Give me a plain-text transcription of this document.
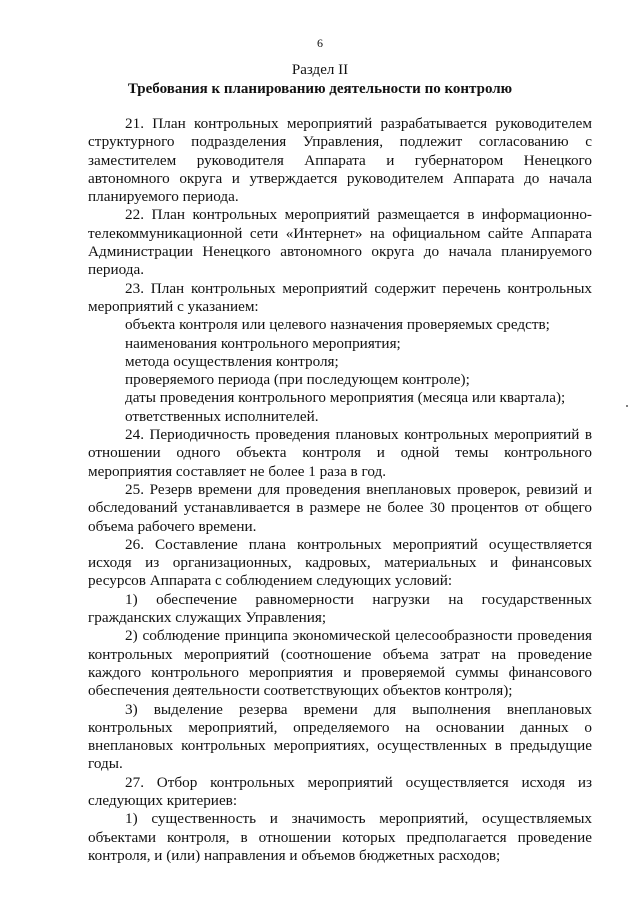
6
Раздел II
Требования к планированию деятельности по контролю

21. План контрольных мероприятий разрабатывается руководителем структурного подразделения Управления, подлежит согласованию с заместителем руководителя Аппарата и губернатором Ненецкого автономного округа и утверждается руководителем Аппарата до начала планируемого периода.

22. План контрольных мероприятий размещается в информационно-телекоммуникационной сети «Интернет» на официальном сайте Аппарата Администрации Ненецкого автономного округа до начала планируемого периода.

23. План контрольных мероприятий содержит перечень контрольных мероприятий с указанием:

объекта контроля или целевого назначения проверяемых средств;

наименования контрольного мероприятия;

метода осуществления контроля;

проверяемого периода (при последующем контроле);

даты проведения контрольного мероприятия (месяца или квартала);

ответственных исполнителей.

24. Периодичность проведения плановых контрольных мероприятий в отношении одного объекта контроля и одной темы контрольного мероприятия составляет не более 1 раза в год.

25. Резерв времени для проведения внеплановых проверок, ревизий и обследований устанавливается в размере не более 30 процентов от общего объема рабочего времени.

26. Составление плана контрольных мероприятий осуществляется исходя из организационных, кадровых, материальных и финансовых ресурсов Аппарата с соблюдением следующих условий:

1) обеспечение равномерности нагрузки на государственных гражданских служащих Управления;

2) соблюдение принципа экономической целесообразности проведения контрольных мероприятий (соотношение объема затрат на проведение каждого контрольного мероприятия и проверяемой суммы финансового обеспечения деятельности соответствующих объектов контроля);

3) выделение резерва времени для выполнения внеплановых контрольных мероприятий, определяемого на основании данных о внеплановых контрольных мероприятиях, осуществленных в предыдущие годы.

27. Отбор контрольных мероприятий осуществляется исходя из следующих критериев:

1) существенность и значимость мероприятий, осуществляемых объектами контроля, в отношении которых предполагается проведение контроля, и (или) направления и объемов бюджетных расходов;
